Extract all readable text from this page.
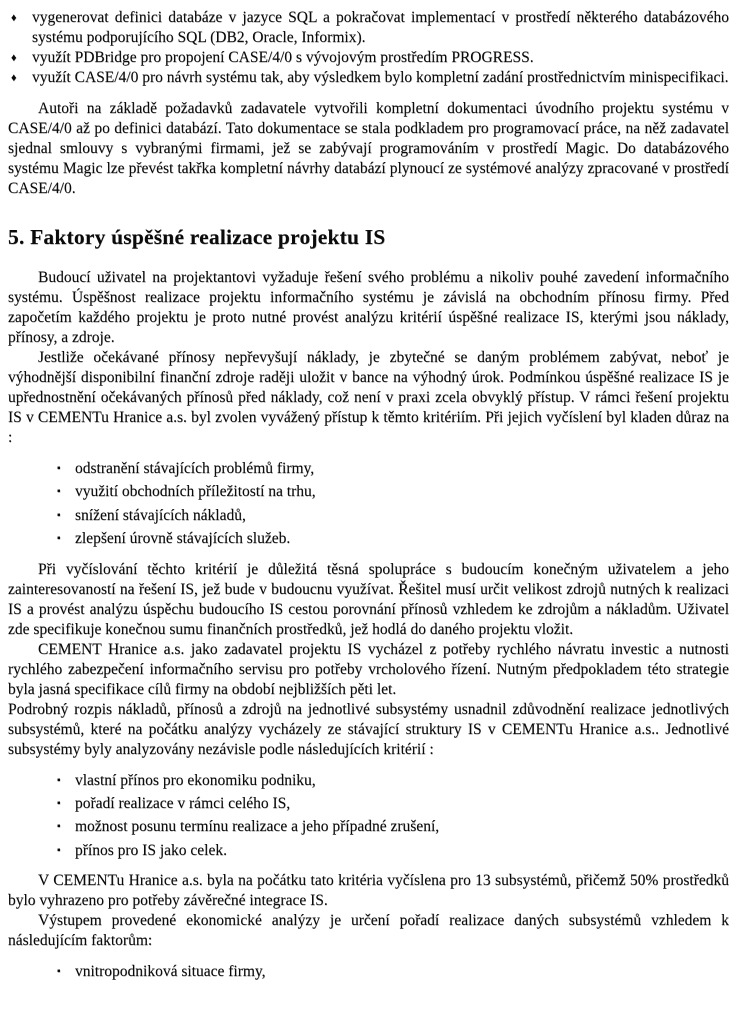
♦ vygenerovat definici databáze v jazyce SQL a pokračovat implementací v prostředí některého databázového systému podporujícího SQL (DB2, Oracle, Informix).
♦ využít PDBridge pro propojení CASE/4/0 s vývojovým prostředím PROGRESS.
♦ využít CASE/4/0 pro návrh systému tak, aby výsledkem bylo kompletní zadání prostřednictvím minispecifikaci.

Autoři na základě požadavků zadavatele vytvořili kompletní dokumentaci úvodního projektu systému v CASE/4/0 až po definici databází. Tato dokumentace se stala podkladem pro programovací práce, na něž zadavatel sjednal smlouvy s vybranými firmami, jež se zabývají programováním v prostředí Magic. Do databázového systému Magic lze převést takřka kompletní návrhy databází plynoucí ze systémové analýzy zpracované v prostředí CASE/4/0.

5. Faktory úspěšné realizace projektu IS

Budoucí uživatel na projektantovi vyžaduje řešení svého problému a nikoliv pouhé zavedení informačního systému. Úspěšnost realizace projektu informačního systému je závislá na obchodním přínosu firmy. Před započetím každého projektu je proto nutné provést analýzu kritérií úspěšné realizace IS, kterými jsou náklady, přínosy, a zdroje.

Jestliže očekávané přínosy nepřevyšují náklady, je zbytečné se daným problémem zabývat, neboť je výhodnější disponibilní finanční zdroje raději uložit v bance na výhodný úrok. Podmínkou úspěšné realizace IS je upřednostnění očekávaných přínosů před náklady, což není v praxi zcela obvyklý přístup. V rámci řešení projektu IS v CEMENTu Hranice a.s. byl zvolen vyvážený přístup k těmto kritériím. Při jejich vyčíslení byl kladen důraz na :

▪ odstranění stávajících problémů firmy,
▪ využití obchodních příležitostí na trhu,
▪ snížení stávajících nákladů,
▪ zlepšení úrovně stávajících služeb.

Při vyčíslování těchto kritérií je důležitá těsná spolupráce s budoucím konečným uživatelem a jeho zainteresovaností na řešení IS, jež bude v budoucnu využívat. Řešitel musí určit velikost zdrojů nutných k realizaci IS a provést analýzu úspěchu budoucího IS cestou porovnání přínosů vzhledem ke zdrojům a nákladům. Uživatel zde specifikuje konečnou sumu finančních prostředků, jež hodlá do daného projektu vložit.

CEMENT Hranice a.s. jako zadavatel projektu IS vycházel z potřeby rychlého návratu investic a nutnosti rychlého zabezpečení informačního servisu pro potřeby vrcholového řízení. Nutným předpokladem této strategie byla jasná specifikace cílů firmy na období nejbližších pěti let.

Podrobný rozpis nákladů, přínosů a zdrojů na jednotlivé subsystémy usnadnil zdůvodnění realizace jednotlivých subsystémů, které na počátku analýzy vycházely ze stávající struktury IS v CEMENTu Hranice a.s.. Jednotlivé subsystémy byly analyzovány nezávisle podle následujících kritérií :

▪ vlastní přínos pro ekonomiku podniku,
▪ pořadí realizace v rámci celého IS,
▪ možnost posunu termínu realizace a jeho případné zrušení,
▪ přínos pro IS jako celek.

V CEMENTu Hranice a.s. byla na počátku tato kritéria vyčíslena pro 13 subsystémů, přičemž 50% prostředků bylo vyhrazeno pro potřeby závěrečné integrace IS.

Výstupem provedené ekonomické analýzy je určení pořadí realizace daných subsystémů vzhledem k následujícím faktorům:

▪ vnitropodniková situace firmy,
